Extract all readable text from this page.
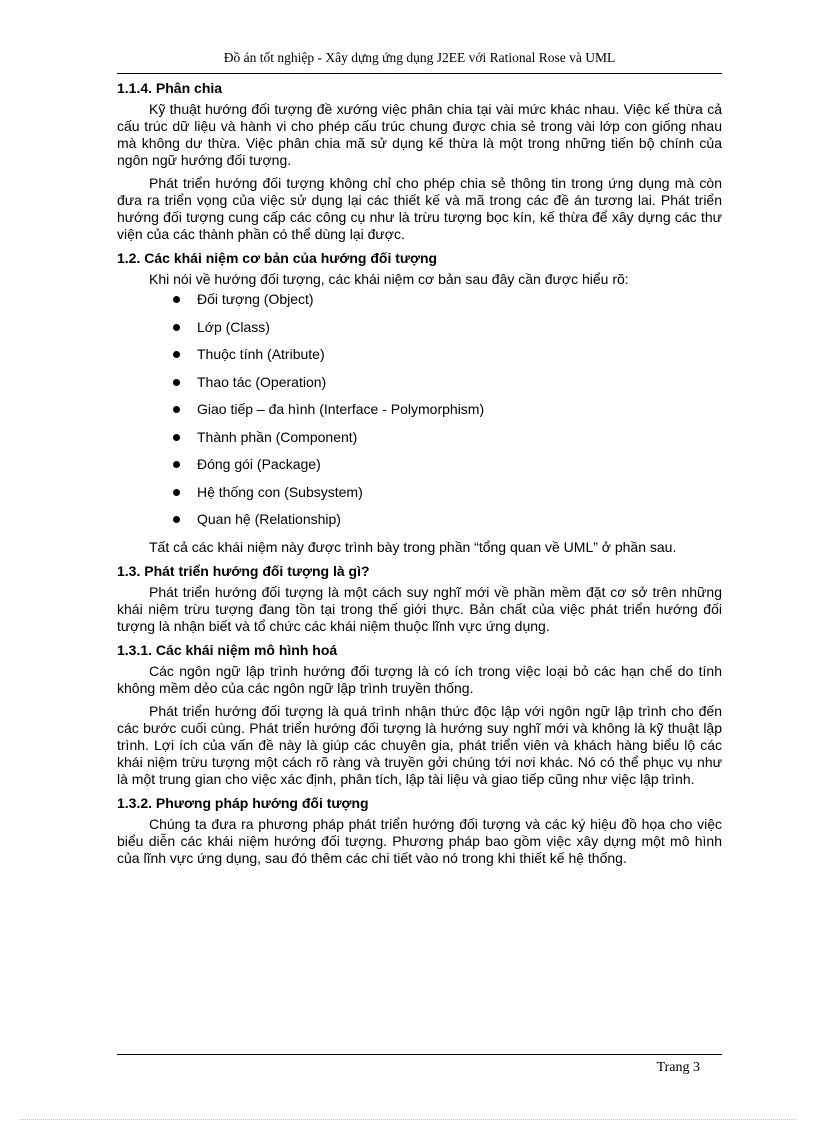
Đồ án tốt nghiệp - Xây dựng ứng dụng J2EE với Rational Rose và UML
1.1.4. Phân chia

Kỹ thuật hướng đối tượng đề xướng việc phân chia tại vài mức khác nhau. Việc kế thừa cả cấu trúc dữ liệu và hành vi cho phép cấu trúc chung được chia sẻ trong vài lớp con giống nhau mà không dư thừa. Việc phân chia mã sử dụng kế thừa là một trong những tiến bộ chính của ngôn ngữ hướng đối tượng.

Phát triển hướng đối tượng không chỉ cho phép chia sẻ thông tin trong ứng dụng mà còn đưa ra triển vọng của việc sử dụng lại các thiết kế và mã trong các đề án tương lai. Phát triển hướng đối tượng cung cấp các công cụ như là trừu tượng bọc kín, kế thừa để xây dựng các thư viện của các thành phần có thể dùng lại được.

1.2. Các khái niệm cơ bản của hướng đối tượng

Khi nói về hướng đối tượng, các khái niệm cơ bản sau đây cần được hiểu rõ:

Đối tượng (Object)
Lớp (Class)
Thuộc tính (Atribute)
Thao tác (Operation)
Giao tiếp – đa hình (Interface - Polymorphism)
Thành phần (Component)
Đóng gói (Package)
Hệ thống con (Subsystem)
Quan hệ (Relationship)

Tất cả các khái niệm này được trình bày trong phần “tổng quan về UML” ở phần sau.

1.3. Phát triển hướng đối tượng là gì?

Phát triển hướng đối tượng là một cách suy nghĩ mới về phần mềm đặt cơ sở trên những khái niệm trừu tượng đang tồn tại trong thế giới thực. Bản chất của việc phát triển hướng đối tượng là nhận biết và tổ chức các khái niệm thuộc lĩnh vực ứng dụng.

1.3.1. Các khái niệm mô hình hoá

Các ngôn ngữ lập trình hướng đối tượng là có ích trong việc loại bỏ các hạn chế do tính không mềm dẻo của các ngôn ngữ lập trình truyền thống.

Phát triển hướng đối tượng là quá trình nhận thức độc lập với ngôn ngữ lập trình cho đến các bước cuối cùng. Phát triển hướng đối tượng là hướng suy nghĩ mới và không là kỹ thuật lập trình. Lợi ích của vấn đề này là giúp các chuyên gia, phát triển viên và khách hàng biểu lộ các khái niệm trừu tượng một cách rõ ràng và truyền gởi chúng tới nơi khác. Nó có thể phục vụ như là một trung gian cho việc xác định, phân tích, lập tài liệu và giao tiếp cũng như việc lập trình.

1.3.2. Phương pháp hướng đối tượng

Chúng ta đưa ra phương pháp phát triển hướng đối tượng và các ký hiệu đồ họa cho việc biểu diễn các khái niệm hướng đối tượng. Phương pháp bao gồm việc xây dựng một mô hình của lĩnh vực ứng dụng, sau đó thêm các chi tiết vào nó trong khi thiết kế hệ thống.

Trang 3
